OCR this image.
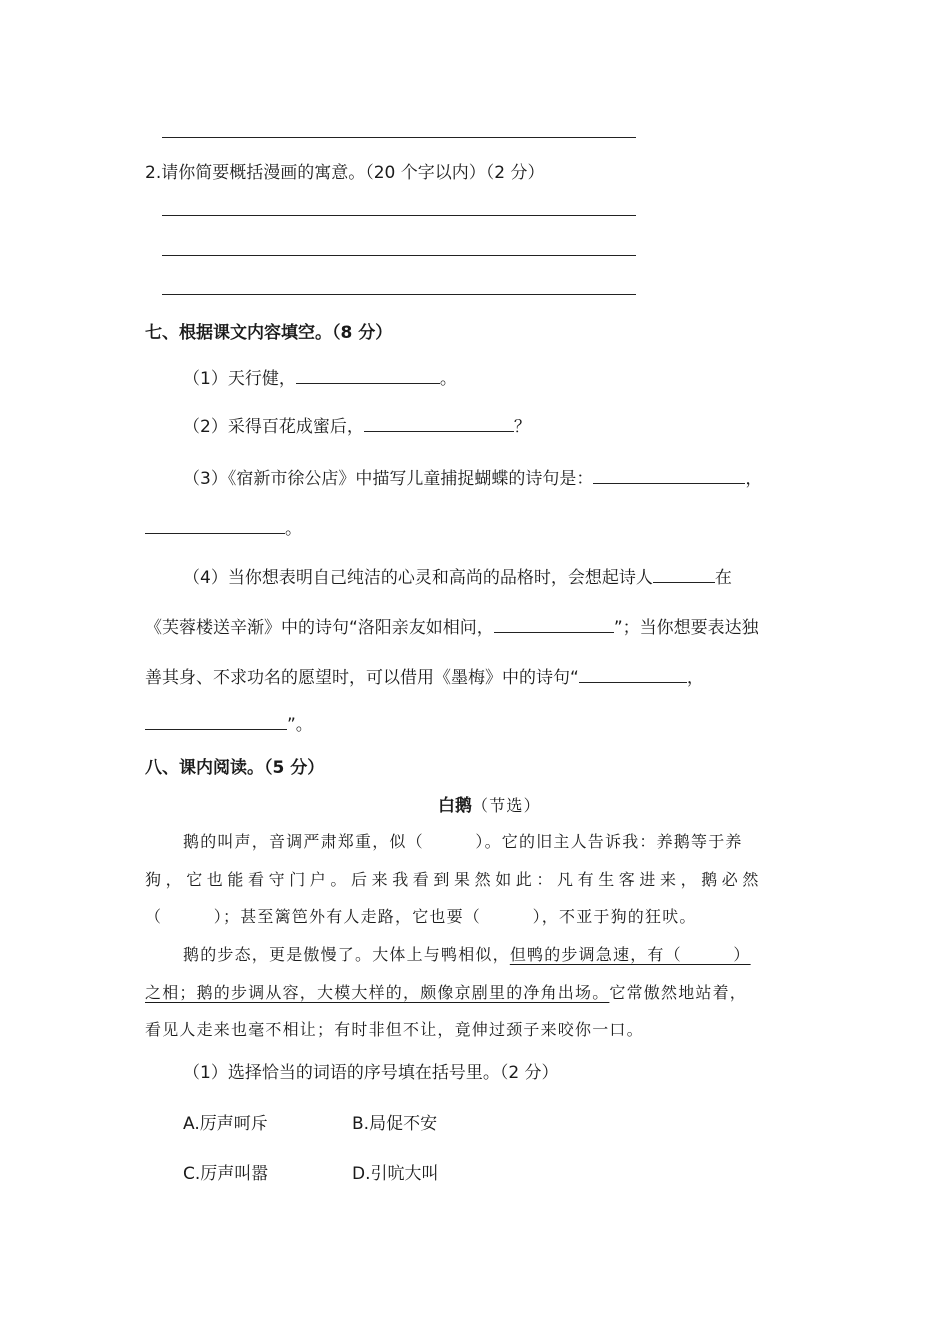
2.请你简要概括漫画的寓意。（20 个字以内）（2 分）
七、根据课文内容填空。（8 分）
（1）天行健，	。
（2）采得百花成蜜后，	？
（3）《宿新市徐公店》中描写儿童捕捉蝴蝶的诗句是：	，
。
（4）当你想表明自己纯洁的心灵和高尚的品格时，会想起诗人	在
《芙蓉楼送辛渐》中的诗句“洛阳亲友如相问，	”；当你想要表达独
善其身、不求功名的愿望时，可以借用《墨梅》中的诗句“	，
”。
八、课内阅读。（5 分）
白鹅（节选）
鹅的叫声，音调严肃郑重，似（　　　）。它的旧主人告诉我：养鹅等于养
狗，它也能看守门户。后来我看到果然如此：凡有生客进来，鹅必然
（　　　）；甚至篱笆外有人走路，它也要（　　　），不亚于狗的狂吠。
鹅的步态，更是傲慢了。大体上与鸭相似，但鸭的步调急速，有（　　　）
之相；鹅的步调从容，大模大样的，颇像京剧里的净角出场。它常傲然地站着，
看见人走来也毫不相让；有时非但不让，竟伸过颈子来咬你一口。
（1）选择恰当的词语的序号填在括号里。（2 分）
A.厉声呵斥	B.局促不安
C.厉声叫嚣	D.引吭大叫
